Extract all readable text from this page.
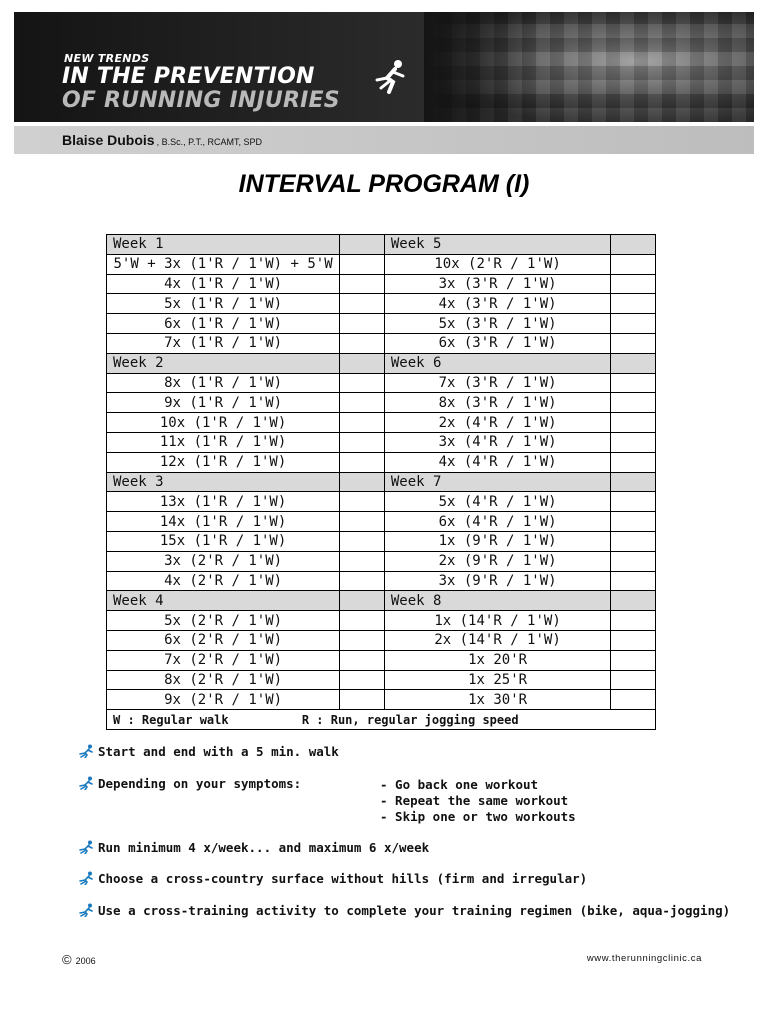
NEW TRENDS
IN THE PREVENTION
OF RUNNING INJURIES
Blaise Dubois , B.Sc., P.T., RCAMT, SPD
INTERVAL PROGRAM (I)
Week 1		Week 5	
5'W + 3x (1'R / 1'W) + 5'W		10x (2'R / 1'W)	
4x (1'R / 1'W)		3x (3'R / 1'W)	
5x (1'R / 1'W)		4x (3'R / 1'W)	
6x (1'R / 1'W)		5x (3'R / 1'W)	
7x (1'R / 1'W)		6x (3'R / 1'W)	
Week 2		Week 6	
8x (1'R / 1'W)		7x (3'R / 1'W)	
9x (1'R / 1'W)		8x (3'R / 1'W)	
10x (1'R / 1'W)		2x (4'R / 1'W)	
11x (1'R / 1'W)		3x (4'R / 1'W)	
12x (1'R / 1'W)		4x (4'R / 1'W)	
Week 3		Week 7	
13x (1'R / 1'W)		5x (4'R / 1'W)	
14x (1'R / 1'W)		6x (4'R / 1'W)	
15x (1'R / 1'W)		1x (9'R / 1'W)	
3x (2'R / 1'W)		2x (9'R / 1'W)	
4x (2'R / 1'W)		3x (9'R / 1'W)	
Week 4		Week 8	
5x (2'R / 1'W)		1x (14'R / 1'W)	
6x (2'R / 1'W)		2x (14'R / 1'W)	
7x (2'R / 1'W)		1x 20'R	
8x (2'R / 1'W)		1x 25'R	
9x (2'R / 1'W)		1x 30'R	
W : Regular walk R : Run, regular jogging speed			
Start and end with a 5 min. walk
Depending on your symptoms:	- Go back one workout
- Repeat the same workout
- Skip one or two workouts
Run minimum 4 x/week... and maximum 6 x/week
Choose a cross-country surface without hills (firm and irregular)
Use a cross-training activity to complete your training regimen (bike, aqua-jogging)
© 2006	www.therunningclinic.ca
